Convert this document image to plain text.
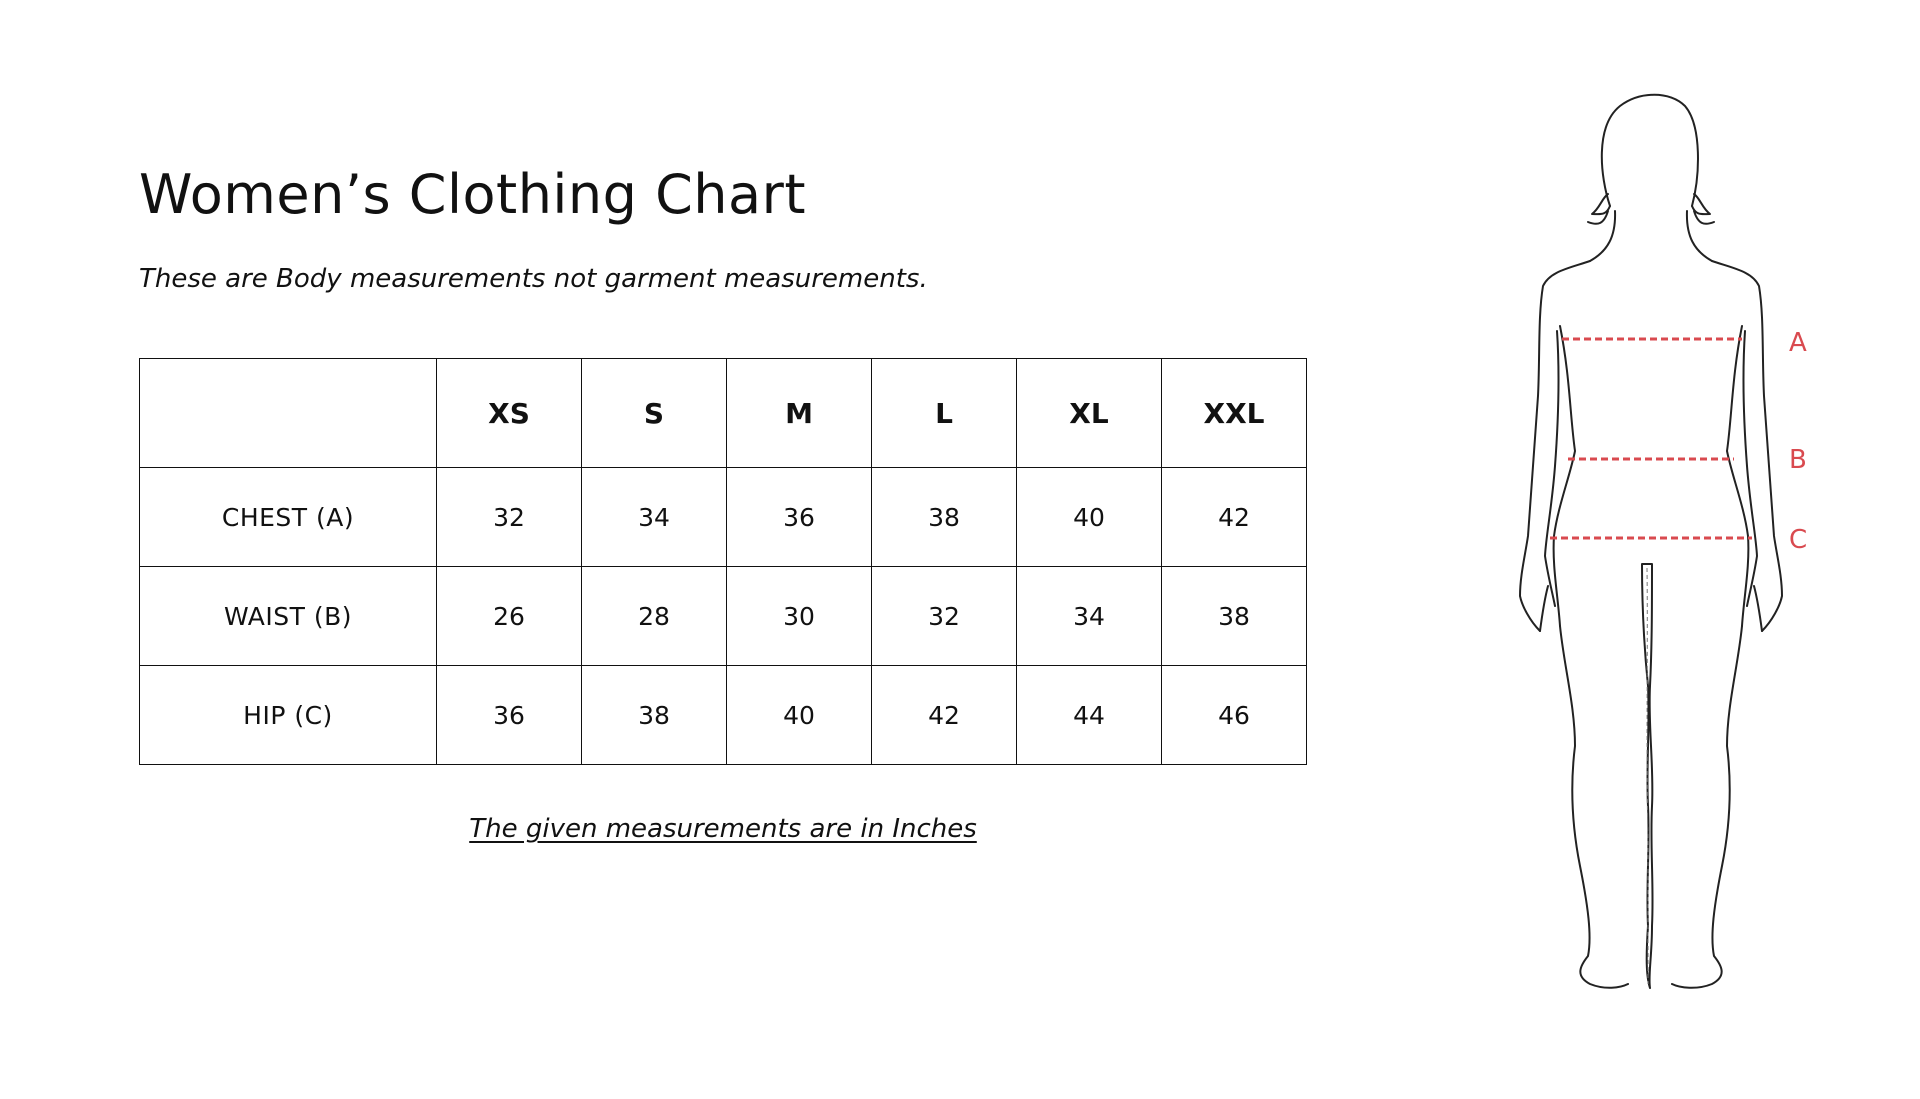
Women’s Clothing Chart

These are Body measurements not garment measurements.

	XS	S	M	L	XL	XXL
CHEST (A)	32	34	36	38	40	42
WAIST (B)	26	28	30	32	34	38
HIP (C)	36	38	40	42	44	46

The given measurements are in Inches

A
B
C
